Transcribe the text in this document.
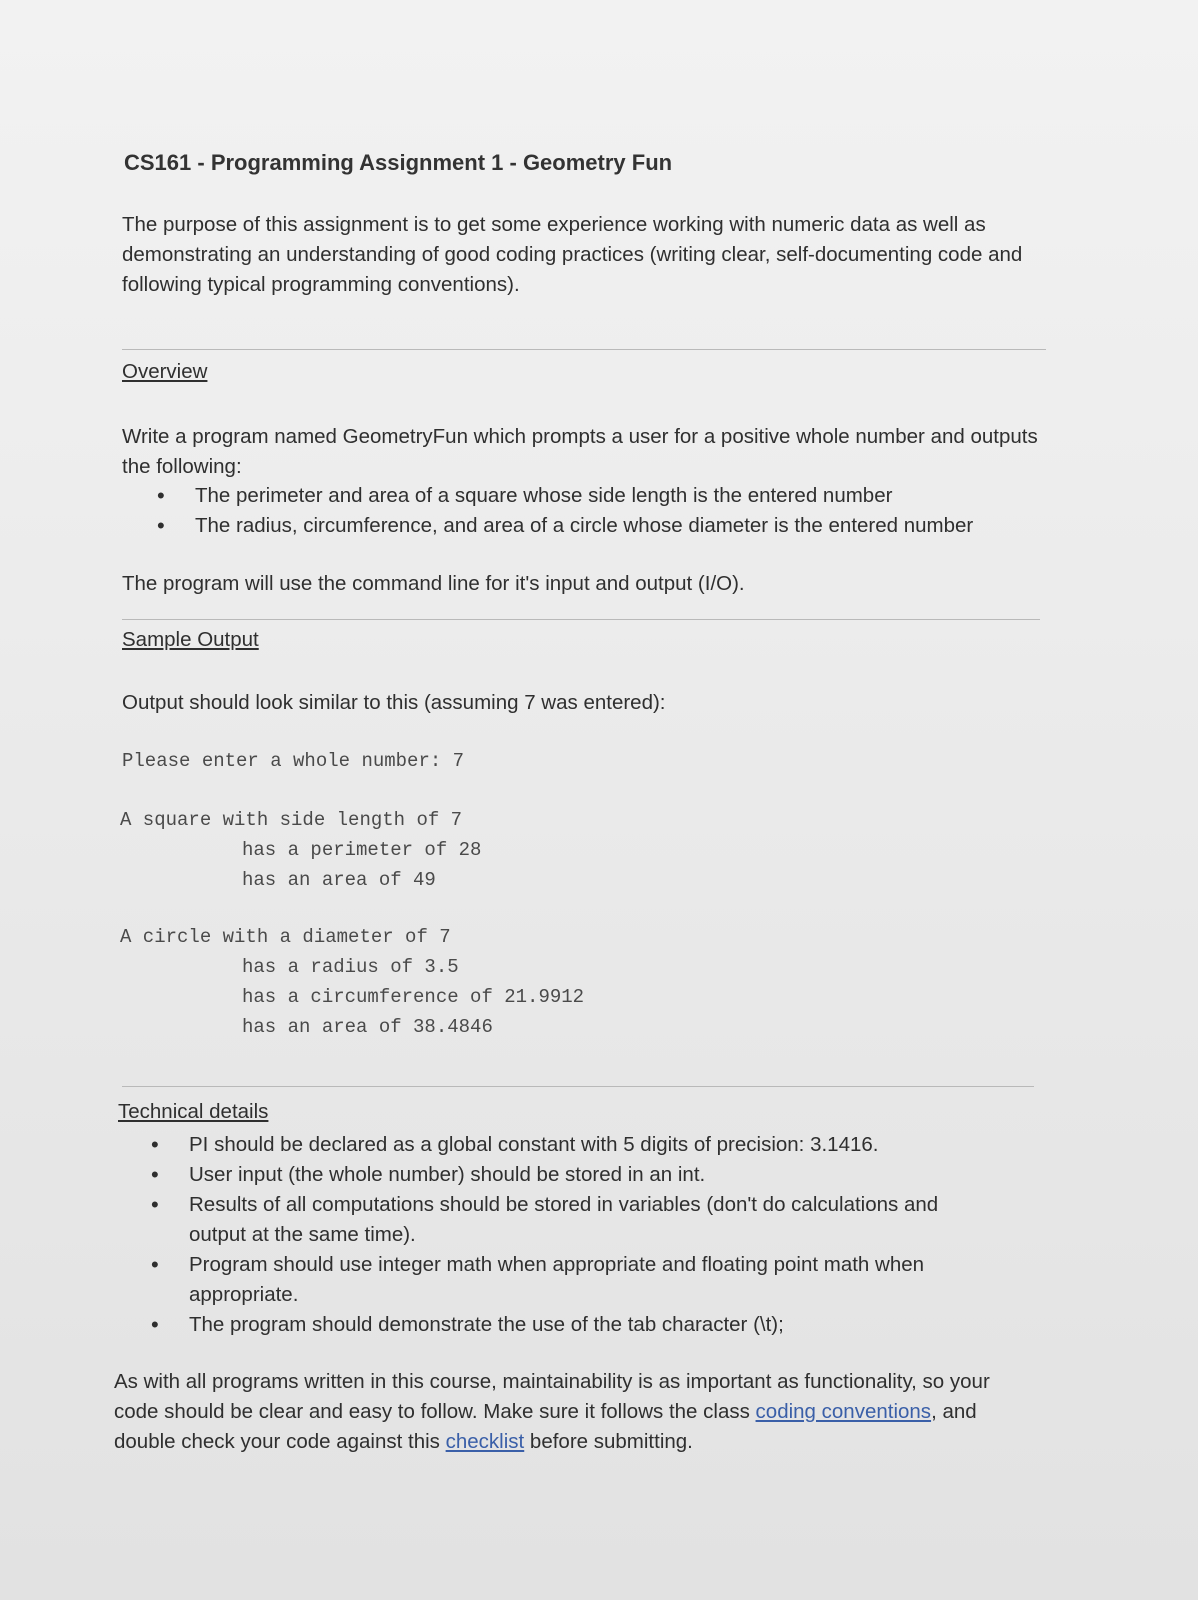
CS161 - Programming Assignment 1 - Geometry Fun
The purpose of this assignment is to get some experience working with numeric data as well as demonstrating an understanding of good coding practices (writing clear, self-documenting code and following typical programming conventions).
Overview
Write a program named GeometryFun which prompts a user for a positive whole number and outputs the following:
• The perimeter and area of a square whose side length is the entered number
• The radius, circumference, and area of a circle whose diameter is the entered number
The program will use the command line for it's input and output (I/O).
Sample Output
Output should look similar to this (assuming 7 was entered):
Please enter a whole number: 7
A square with side length of 7
has a perimeter of 28
has an area of 49
A circle with a diameter of 7
has a radius of 3.5
has a circumference of 21.9912
has an area of 38.4846
Technical details
• PI should be declared as a global constant with 5 digits of precision: 3.1416.
• User input (the whole number) should be stored in an int.
• Results of all computations should be stored in variables (don't do calculations and output at the same time).
• Program should use integer math when appropriate and floating point math when appropriate.
• The program should demonstrate the use of the tab character (\t);
As with all programs written in this course, maintainability is as important as functionality, so your code should be clear and easy to follow. Make sure it follows the class coding conventions, and double check your code against this checklist before submitting.
